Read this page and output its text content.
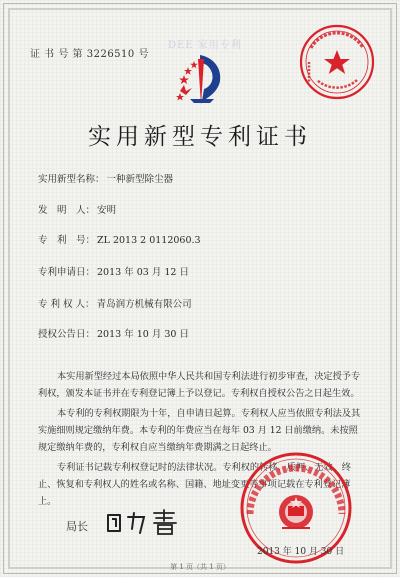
证 书 号 第 3226510 号
DEE 家用专利
实用新型专利证书
实用新型名称： 一种新型除尘器
发　明　人： 安明
专　利　号： ZL 2013 2 0112060.3
专利申请日： 2013 年 03 月 12 日
专 利 权 人： 青岛润方机械有限公司
授权公告日： 2013 年 10 月 30 日

本实用新型经过本局依照中华人民共和国专利法进行初步审查，决定授予专利权，颁发本证书并在专利登记簿上予以登记。专利权自授权公告之日起生效。

本专利的专利权期限为十年，自申请日起算。专利权人应当依照专利法及其实施细则规定缴纳年费。本专利的年费应当在每年 03 月 12 日前缴纳。未按照规定缴纳年费的，专利权自应当缴纳年费期满之日起终止。

专利证书记载专利权登记时的法律状况。专利权的转移、质押、无效、终止、恢复和专利权人的姓名或名称、国籍、地址变更等事项记载在专利登记簿上。

局长
2013 年 10 月 30 日
第 1 页（共 1 页）
